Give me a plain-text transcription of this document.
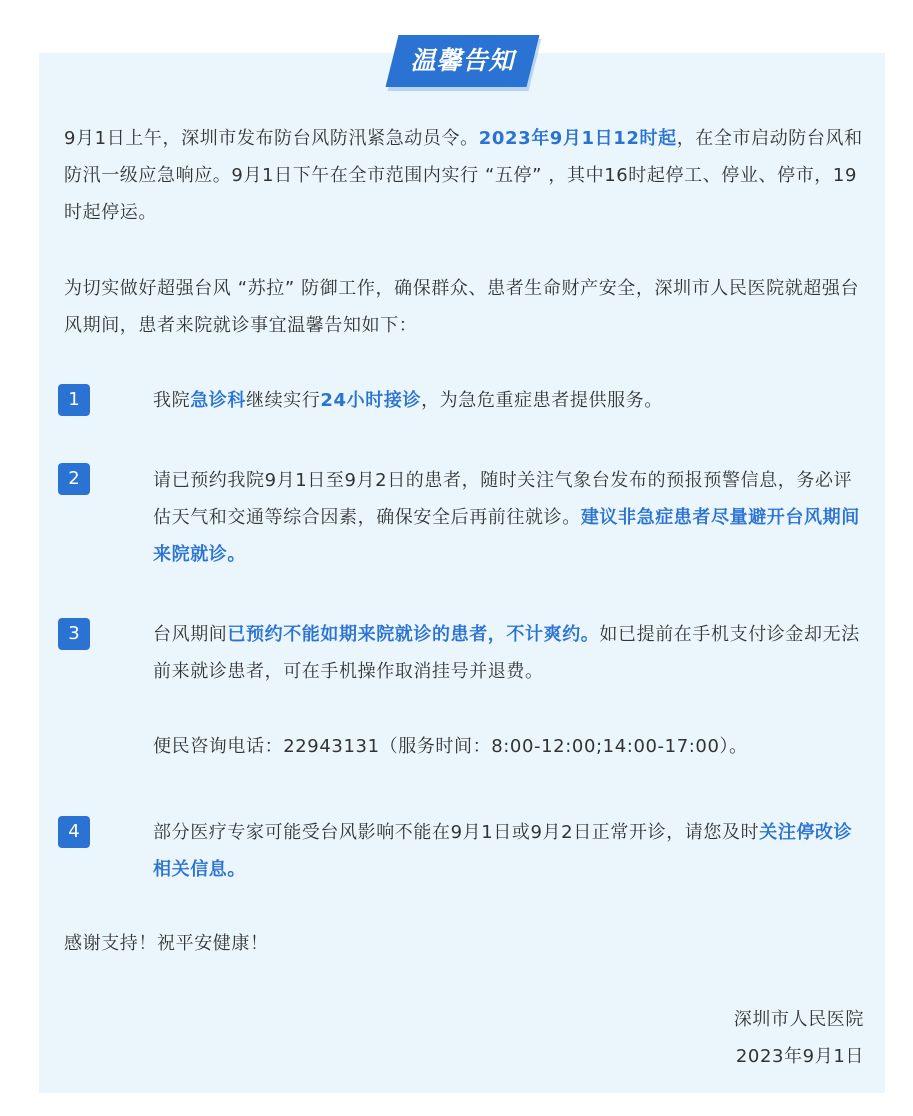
温馨告知

9月1日上午，深圳市发布防台风防汛紧急动员令。2023年9月1日12时起，在全市启动防台风和防汛一级应急响应。9月1日下午在全市范围内实行 “五停” ，其中16时起停工、停业、停市，19时起停运。

为切实做好超强台风 “苏拉” 防御工作，确保群众、患者生命财产安全，深圳市人民医院就超强台风期间，患者来院就诊事宜温馨告知如下：

1	我院急诊科继续实行24小时接诊，为急危重症患者提供服务。

2	请已预约我院9月1日至9月2日的患者，随时关注气象台发布的预报预警信息，务必评估天气和交通等综合因素，确保安全后再前往就诊。建议非急症患者尽量避开台风期间来院就诊。

3	台风期间已预约不能如期来院就诊的患者，不计爽约。如已提前在手机支付诊金却无法前来就诊患者，可在手机操作取消挂号并退费。

便民咨询电话：22943131（服务时间：8:00-12:00;14:00-17:00）。

4	部分医疗专家可能受台风影响不能在9月1日或9月2日正常开诊，请您及时关注停改诊相关信息。

感谢支持！祝平安健康！

深圳市人民医院
2023年9月1日
